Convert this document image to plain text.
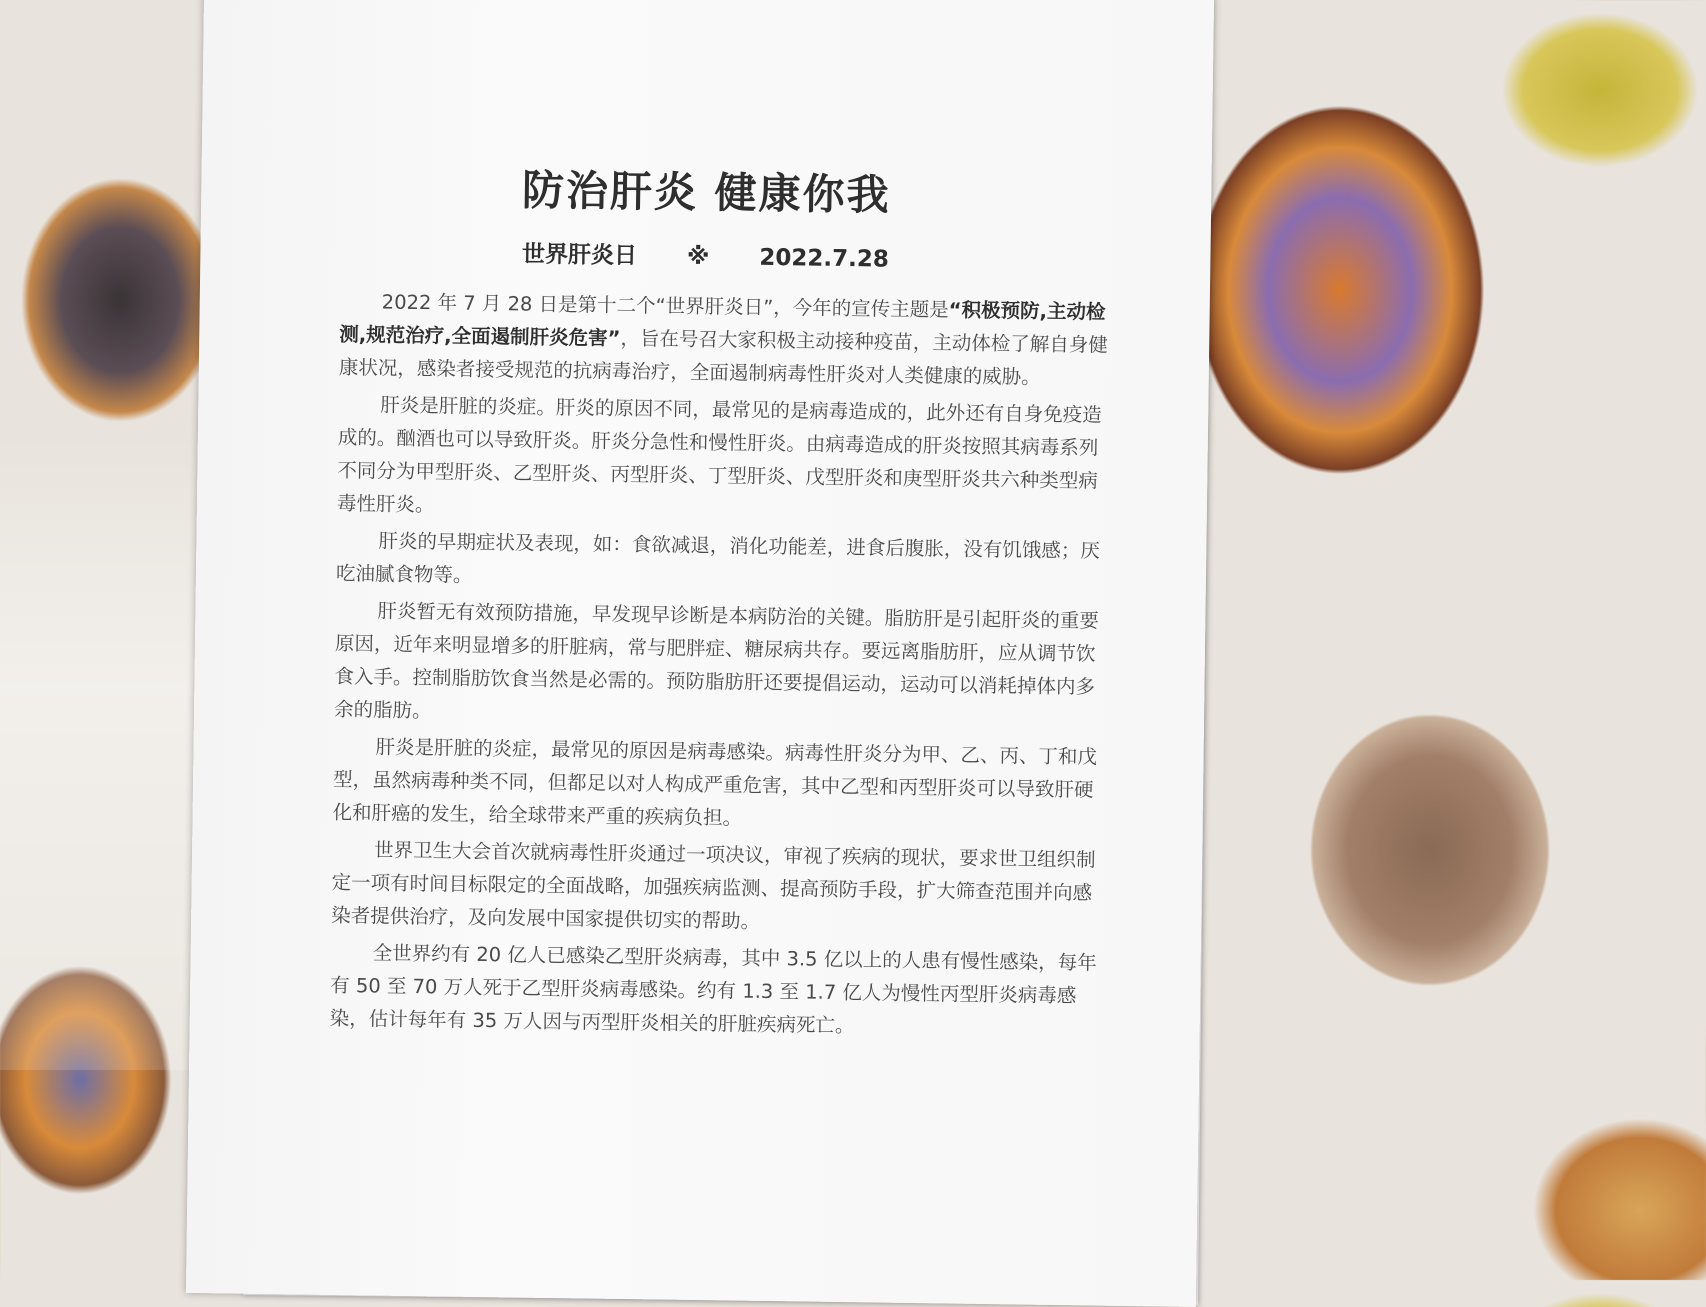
防治肝炎 健康你我
世界肝炎日 ※ 2022.7.28

2022 年 7 月 28 日是第十二个“世界肝炎日”，今年的宣传主题是“积极预防,主动检测,规范治疗,全面遏制肝炎危害”，旨在号召大家积极主动接种疫苗，主动体检了解自身健康状况，感染者接受规范的抗病毒治疗，全面遏制病毒性肝炎对人类健康的威胁。

肝炎是肝脏的炎症。肝炎的原因不同，最常见的是病毒造成的，此外还有自身免疫造成的。酗酒也可以导致肝炎。肝炎分急性和慢性肝炎。由病毒造成的肝炎按照其病毒系列不同分为甲型肝炎、乙型肝炎、丙型肝炎、丁型肝炎、戊型肝炎和庚型肝炎共六种类型病毒性肝炎。

肝炎的早期症状及表现，如：食欲减退，消化功能差，进食后腹胀，没有饥饿感；厌吃油腻食物等。

肝炎暂无有效预防措施，早发现早诊断是本病防治的关键。脂肪肝是引起肝炎的重要原因，近年来明显增多的肝脏病，常与肥胖症、糖尿病共存。要远离脂肪肝，应从调节饮食入手。控制脂肪饮食当然是必需的。预防脂肪肝还要提倡运动，运动可以消耗掉体内多余的脂肪。

肝炎是肝脏的炎症，最常见的原因是病毒感染。病毒性肝炎分为甲、乙、丙、丁和戊型，虽然病毒种类不同，但都足以对人构成严重危害，其中乙型和丙型肝炎可以导致肝硬化和肝癌的发生，给全球带来严重的疾病负担。

世界卫生大会首次就病毒性肝炎通过一项决议，审视了疾病的现状，要求世卫组织制定一项有时间目标限定的全面战略，加强疾病监测、提高预防手段，扩大筛查范围并向感染者提供治疗，及向发展中国家提供切实的帮助。

全世界约有 20 亿人已感染乙型肝炎病毒，其中 3.5 亿以上的人患有慢性感染，每年有 50 至 70 万人死于乙型肝炎病毒感染。约有 1.3 至 1.7 亿人为慢性丙型肝炎病毒感染，估计每年有 35 万人因与丙型肝炎相关的肝脏疾病死亡。
